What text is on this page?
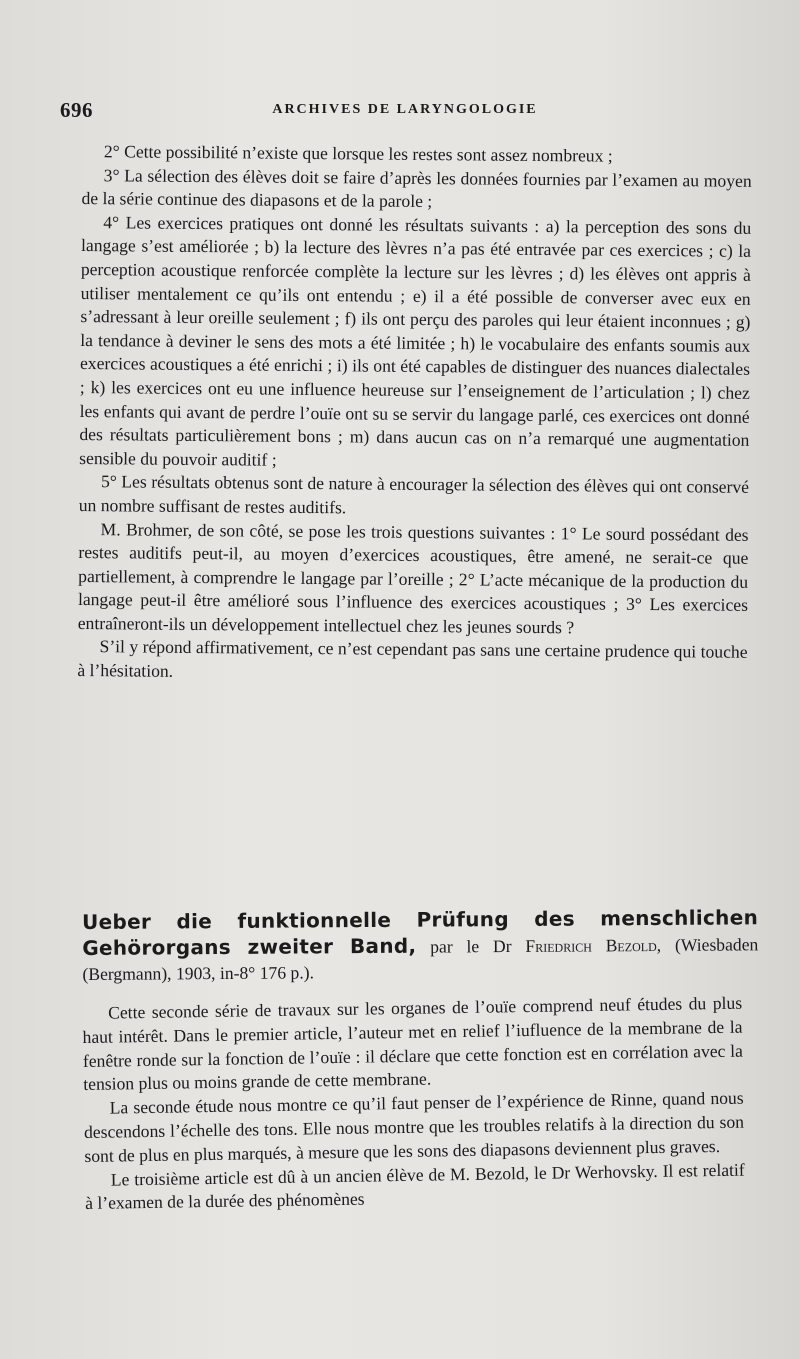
696	ARCHIVES DE LARYNGOLOGIE

2° Cette possibilité n’existe que lorsque les restes sont assez nombreux ;

3° La sélection des élèves doit se faire d’après les données fournies par l’examen au moyen de la série continue des diapasons et de la parole ;

4° Les exercices pratiques ont donné les résultats suivants : a) la perception des sons du langage s’est améliorée ; b) la lecture des lèvres n’a pas été entravée par ces exercices ; c) la perception acoustique renforcée complète la lecture sur les lèvres ; d) les élèves ont appris à utiliser mentalement ce qu’ils ont entendu ; e) il a été possible de converser avec eux en s’adressant à leur oreille seulement ; f) ils ont perçu des paroles qui leur étaient inconnues ; g) la tendance à deviner le sens des mots a été limitée ; h) le vocabulaire des enfants soumis aux exercices acoustiques a été enrichi ; i) ils ont été capables de distinguer des nuances dialectales ; k) les exercices ont eu une influence heureuse sur l’enseignement de l’articulation ; l) chez les enfants qui avant de perdre l’ouïe ont su se servir du langage parlé, ces exercices ont donné des résultats particulièrement bons ; m) dans aucun cas on n’a remarqué une augmentation sensible du pouvoir auditif ;

5° Les résultats obtenus sont de nature à encourager la sélection des élèves qui ont conservé un nombre suffisant de restes auditifs.

M. Brohmer, de son côté, se pose les trois questions suivantes : 1° Le sourd possédant des restes auditifs peut-il, au moyen d’exercices acoustiques, être amené, ne serait-ce que partiellement, à comprendre le langage par l’oreille ; 2° L’acte mécanique de la production du langage peut-il être amélioré sous l’influence des exercices acoustiques ; 3° Les exercices entraîneront-ils un développement intellectuel chez les jeunes sourds ?

S’il y répond affirmativement, ce n’est cependant pas sans une certaine prudence qui touche à l’hésitation.

Ueber die funktionnelle Prüfung des menschlichen Gehörorgans zweiter Band, par le Dr Friedrich Bezold, (Wiesbaden (Bergmann), 1903, in-8° 176 p.).

Cette seconde série de travaux sur les organes de l’ouïe comprend neuf études du plus haut intérêt. Dans le premier article, l’auteur met en relief l’iufluence de la membrane de la fenêtre ronde sur la fonction de l’ouïe : il déclare que cette fonction est en corrélation avec la tension plus ou moins grande de cette membrane.

La seconde étude nous montre ce qu’il faut penser de l’expérience de Rinne, quand nous descendons l’échelle des tons. Elle nous montre que les troubles relatifs à la direction du son sont de plus en plus marqués, à mesure que les sons des diapasons deviennent plus graves.

Le troisième article est dû à un ancien élève de M. Bezold, le Dr Werhovsky. Il est relatif à l’examen de la durée des phénomènes
